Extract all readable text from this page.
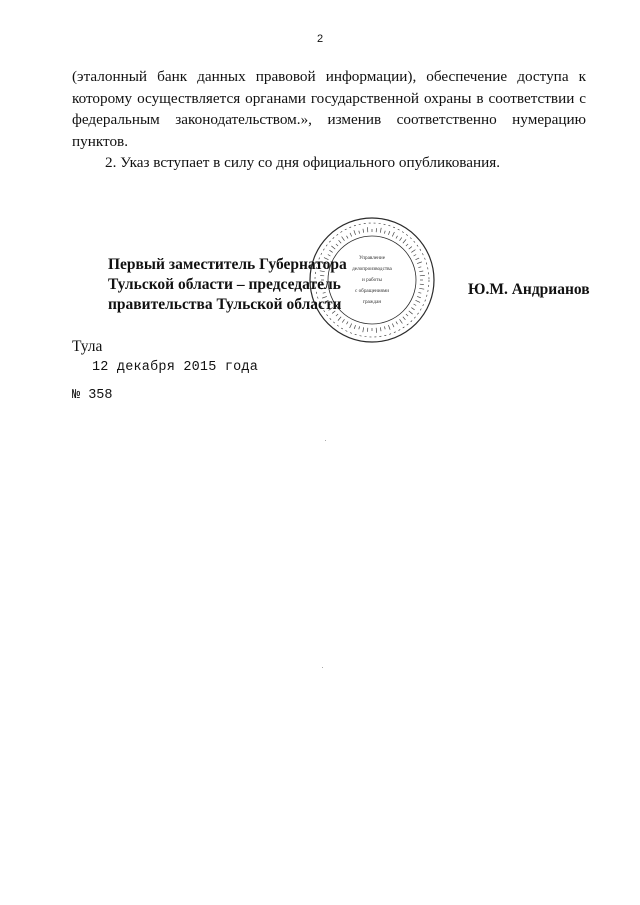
2

(эталонный банк данных правовой информации), обеспечение доступа к
которому осуществляется органами государственной охраны в соответствии с
федеральным законодательством.», изменив соответственно нумерацию
пунктов.

2. Указ вступает в силу со дня официального опубликования.

Управление
делопроизводства
и работы
с обращениями
граждан
Первый заместитель Губернатора
Тульской области – председатель
правительства Тульской области
Ю.М. Андрианов
Тула
12 декабря 2015 года
№ 358
